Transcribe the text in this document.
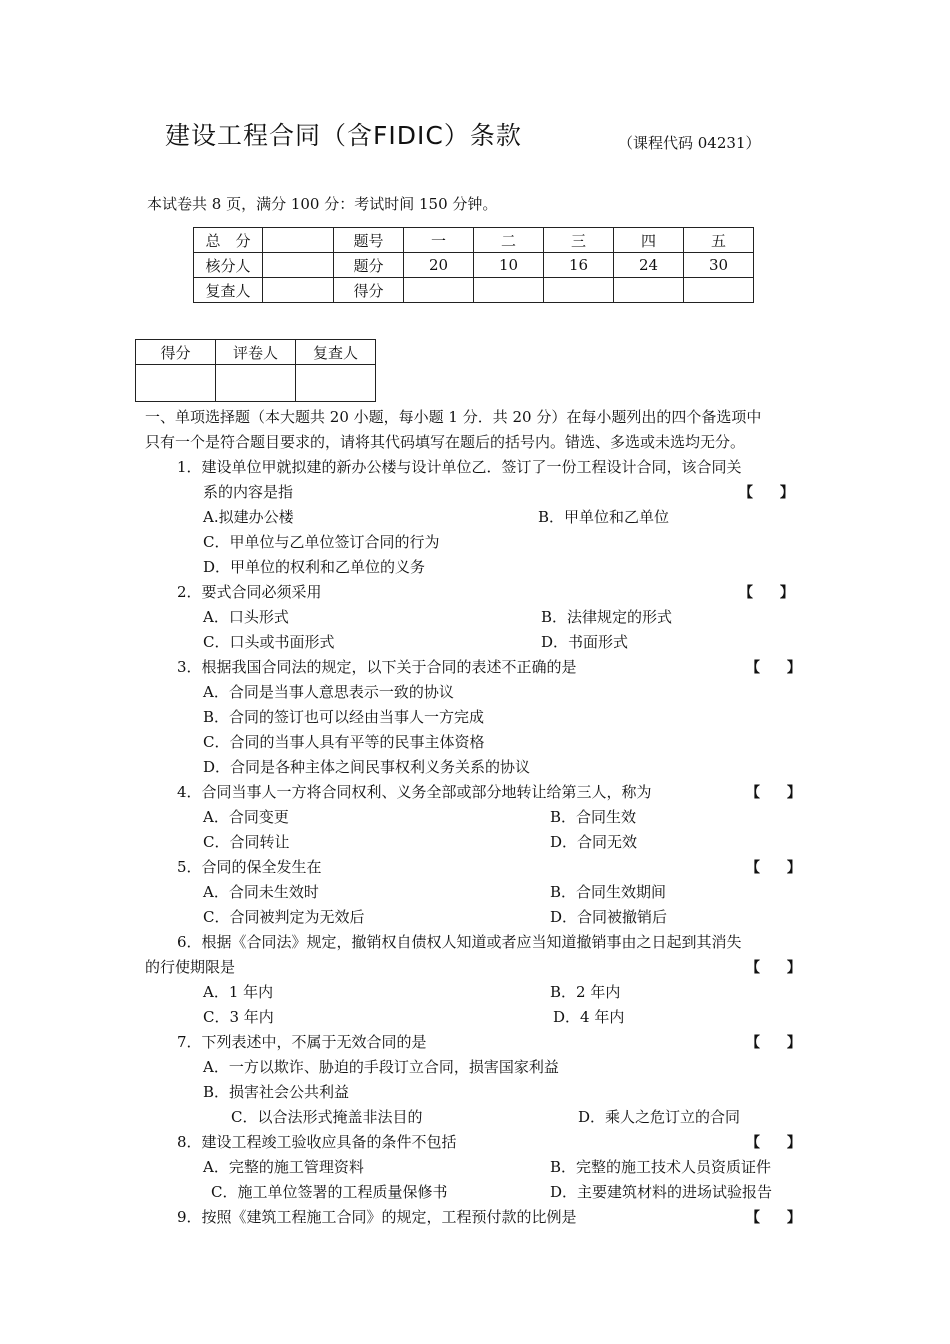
建设工程合同（含FIDIC）条款	（课程代码 04231）
本试卷共 8 页，满分 100 分：考试时间 150 分钟。
总　分		题号	一	二	三	四	五
核分人		题分	20	10	16	24	30
复查人		得分					
得分	评卷人	复查人

一、单项选择题（本大题共 20 小题，每小题 1 分．共 20 分）在每小题列出的四个备选项中
只有一个是符合题目要求的，请将其代码填写在题后的括号内。错选、多选或未选均无分。
1．建设单位甲就拟建的新办公楼与设计单位乙．签订了一份工程设计合同，该合同关
系的内容是指	【 】
A.拟建办公楼	B．甲单位和乙单位
C．甲单位与乙单位签订合同的行为
D．甲单位的权利和乙单位的义务
2．要式合同必须采用	【 】
A．口头形式	B．法律规定的形式
C．口头或书面形式	D．书面形式
3．根据我国合同法的规定，以下关于合同的表述不正确的是	【 】
A．合同是当事人意思表示一致的协议
B．合同的签订也可以经由当事人一方完成
C．合同的当事人具有平等的民事主体资格
D．合同是各种主体之间民事权利义务关系的协议
4．合同当事人一方将合同权利、义务全部或部分地转让给第三人，称为	【 】
A．合同变更	B．合同生效
C．合同转让	D．合同无效
5．合同的保全发生在	【 】
A．合同未生效时	B．合同生效期间
C．合同被判定为无效后	D．合同被撤销后
6．根据《合同法》规定，撤销权自债权人知道或者应当知道撤销事由之日起到其消失
的行使期限是	【 】
A．1 年内	B．2 年内
C．3 年内	D．4 年内
7．下列表述中，不属于无效合同的是	【 】
A．一方以欺诈、胁迫的手段订立合同，损害国家利益
B．损害社会公共利益
C．以合法形式掩盖非法目的	D．乘人之危订立的合同
8．建设工程竣工验收应具备的条件不包括	【 】
A．完整的施工管理资料	B．完整的施工技术人员资质证件
C．施工单位签署的工程质量保修书	D．主要建筑材料的进场试验报告
9．按照《建筑工程施工合同》的规定，工程预付款的比例是	【 】
